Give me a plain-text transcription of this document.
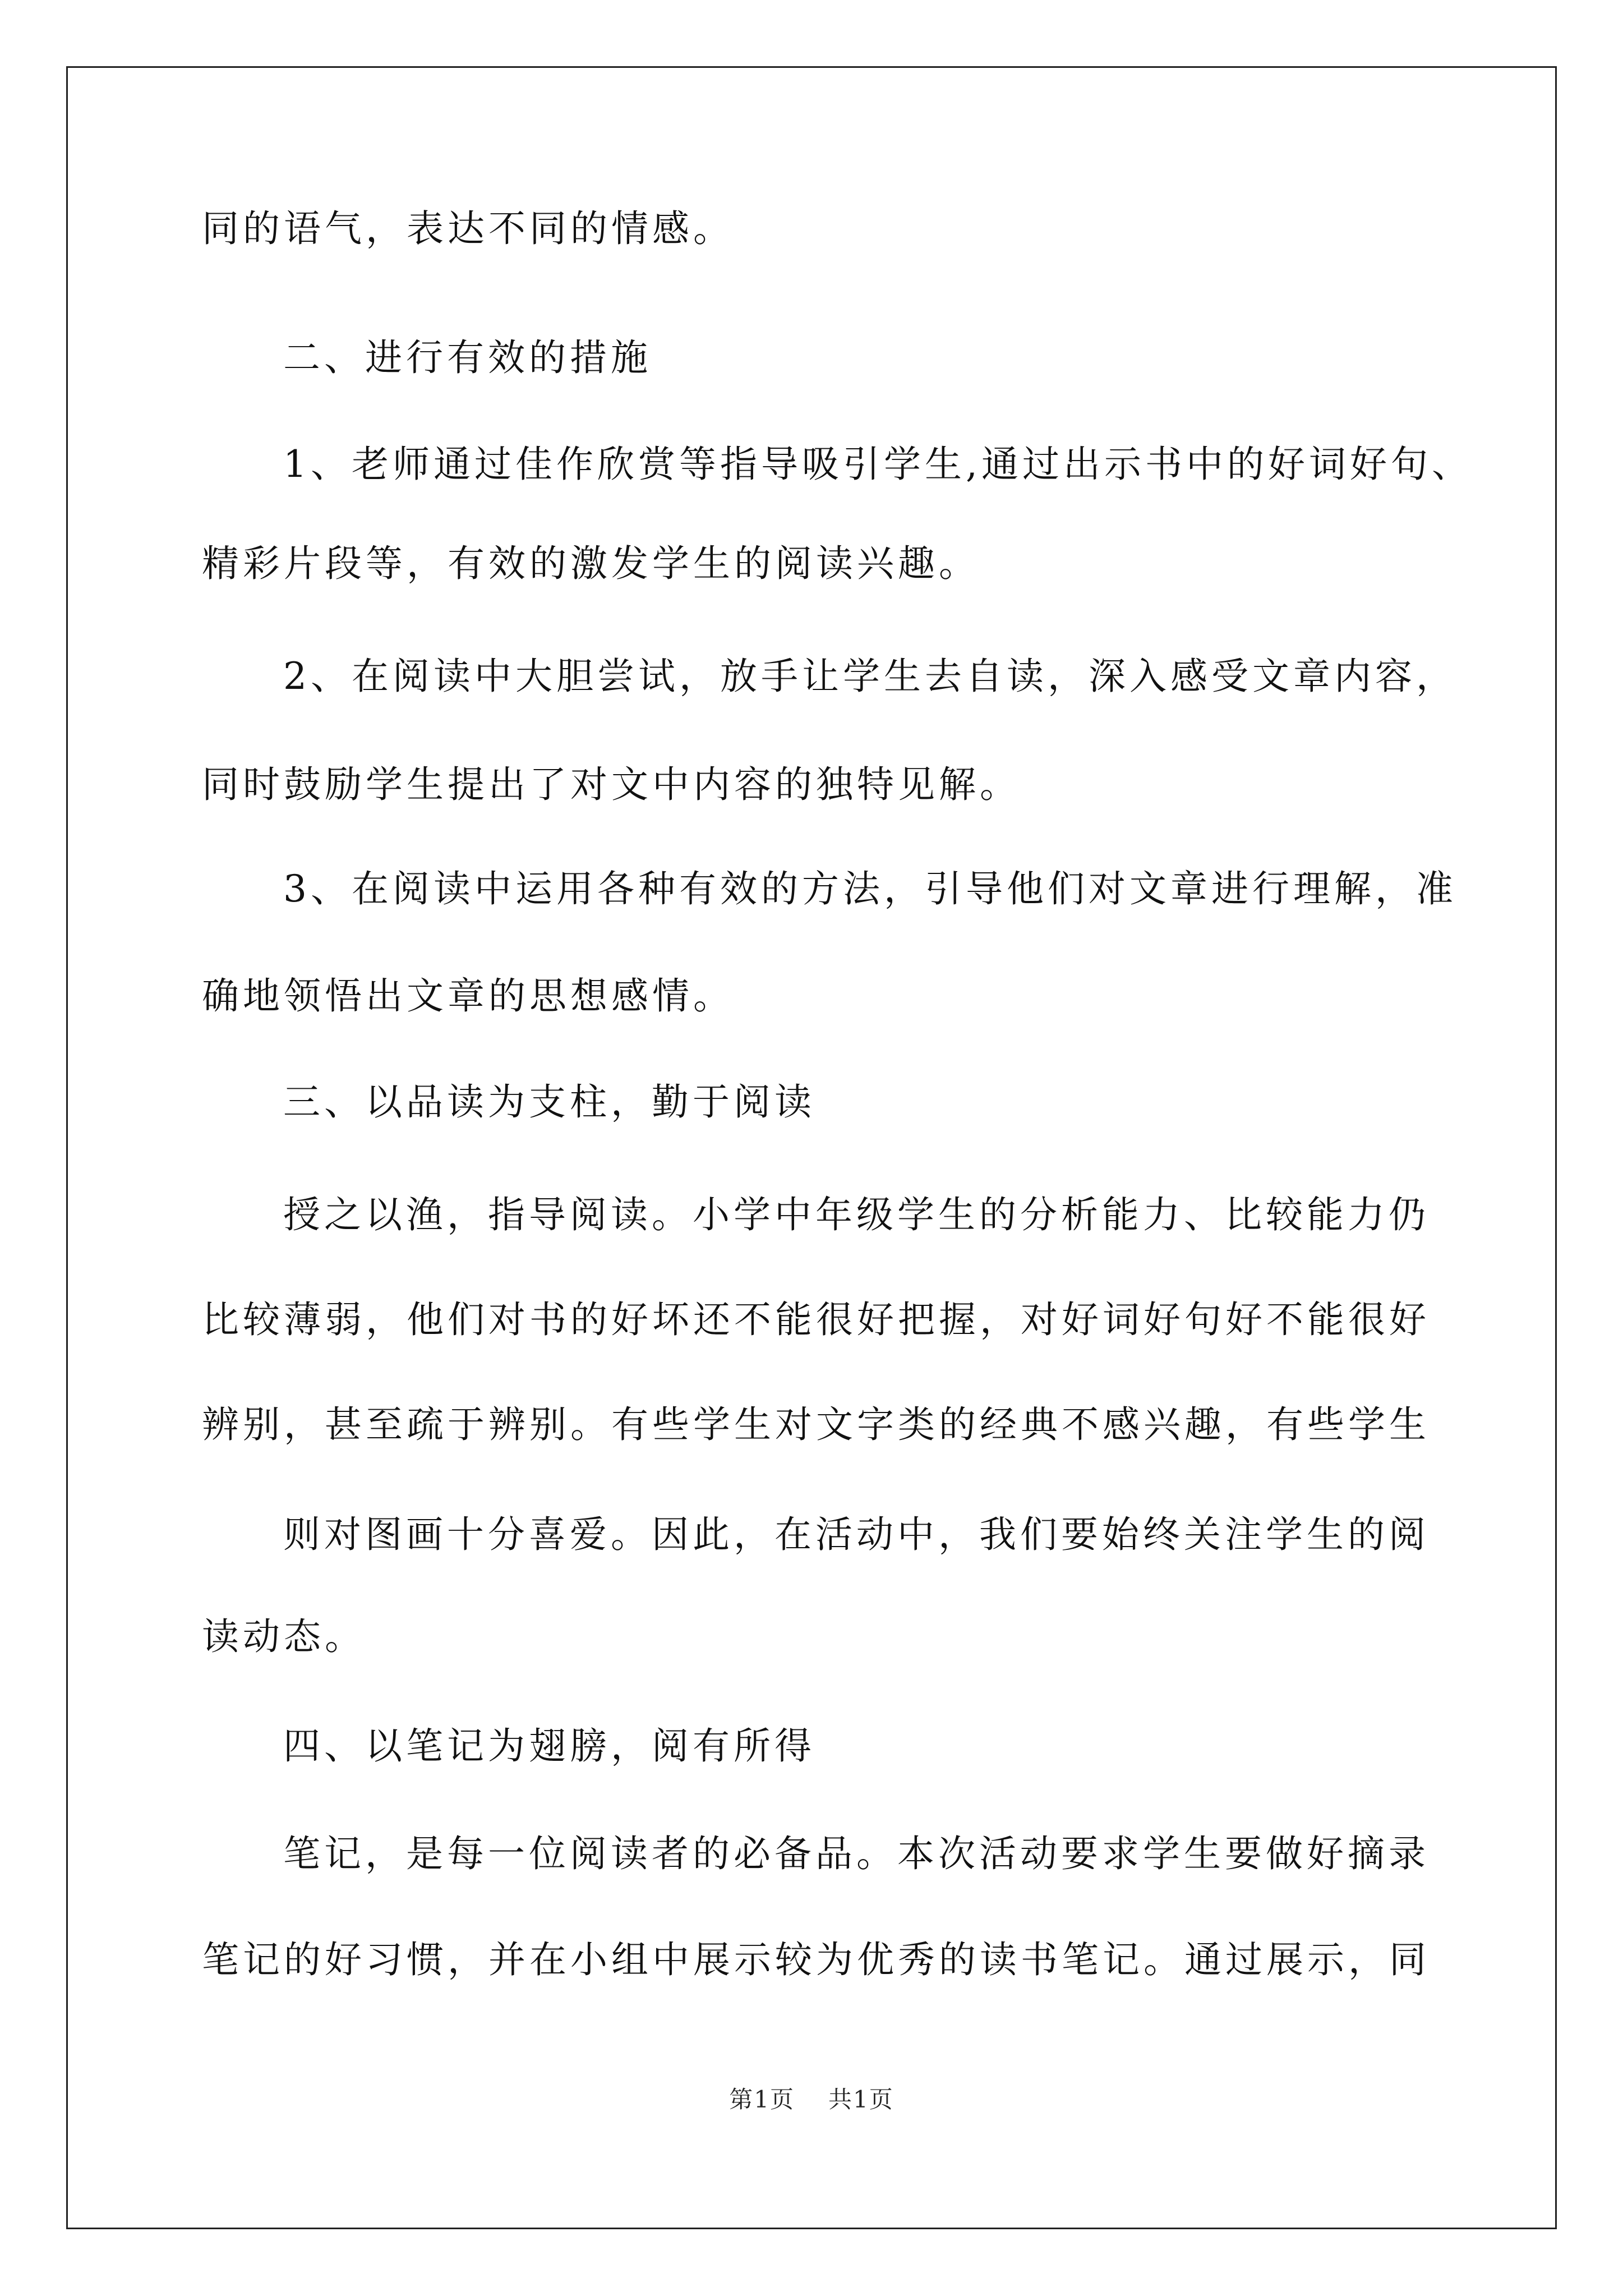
同的语气，表达不同的情感。
二、进行有效的措施
1、老师通过佳作欣赏等指导吸引学生,通过出示书中的好词好句、
精彩片段等，有效的激发学生的阅读兴趣。
2、在阅读中大胆尝试，放手让学生去自读，深入感受文章内容，
同时鼓励学生提出了对文中内容的独特见解。
3、在阅读中运用各种有效的方法，引导他们对文章进行理解，准
确地领悟出文章的思想感情。
三、以品读为支柱，勤于阅读
授之以渔，指导阅读。小学中年级学生的分析能力、比较能力仍
比较薄弱，他们对书的好坏还不能很好把握，对好词好句好不能很好
辨别，甚至疏于辨别。有些学生对文字类的经典不感兴趣，有些学生
则对图画十分喜爱。因此，在活动中，我们要始终关注学生的阅
读动态。
四、以笔记为翅膀，阅有所得
笔记，是每一位阅读者的必备品。本次活动要求学生要做好摘录
笔记的好习惯，并在小组中展示较为优秀的读书笔记。通过展示，同
第1页 共1页
